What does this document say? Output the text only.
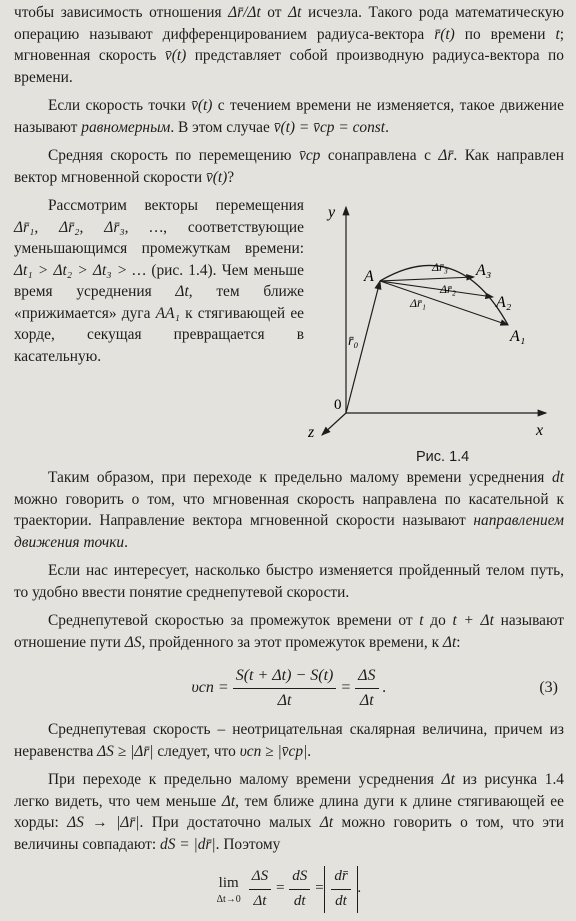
чтобы зависимость отношения Δr̄/Δt от Δt исчезла. Такого рода математическую операцию называют дифференцированием радиуса-вектора r̄(t) по времени t; мгновенная скорость v̄(t) представляет собой производную радиуса-вектора по времени.

Если скорость точки v̄(t) с течением времени не изменяется, такое движение называют равномерным. В этом случае v̄(t) = v̄ср = const.

Средняя скорость по перемещению v̄ср сонаправлена с Δr̄. Как направлен вектор мгновенной скорости v̄(t)?

Рассмотрим векторы перемещения Δr̄₁, Δr̄₂, Δr̄₃, …, соответствующие уменьшающимся промежуткам времени: Δt₁ > Δt₂ > Δt₃ > … (рис. 1.4). Чем меньше время усреднения Δt, тем ближе «прижимается» дуга AA₁ к стягивающей ее хорде, секущая превращается в касательную.

y
x
z
0
r̄₀
A	A₃
A₂
A₁
Δr̄₃
Δr̄₂
Δr̄₁
Рис. 1.4

Таким образом, при переходе к предельно малому времени усреднения dt можно говорить о том, что мгновенная скорость направлена по касательной к траектории. Направление вектора мгновенной скорости называют направлением движения точки.

Если нас интересует, насколько быстро изменяется пройденный телом путь, то удобно ввести понятие среднепутевой скорости.

Среднепутевой скоростью за промежуток времени от t до t + Δt называют отношение пути ΔS, пройденного за этот промежуток времени, к Δt:

$\upsilon сп = \frac{S(t + \Delta t) - S(t)}{\Delta t} = \frac{\Delta S}{\Delta t}$ .	(3)

Среднепутевая скорость – неотрицательная скалярная величина, причем из неравенства ΔS ≥ |Δr̄| следует, что υсп ≥ |v̄ср|.

При переходе к предельно малому времени усреднения Δt из рисунка 1.4 легко видеть, что чем меньше Δt, тем ближе длина дуги к длине стягивающей ее хорды: ΔS → |Δr̄|. При достаточно малых Δt можно говорить о том, что эти величины совпадают: dS = |dr̄|. Поэтому

lim
$\Delta t\to 0 \frac{\Delta S}{\Delta t} = \frac{dS}{dt} = \frac{dr̄}{dt}$ .
